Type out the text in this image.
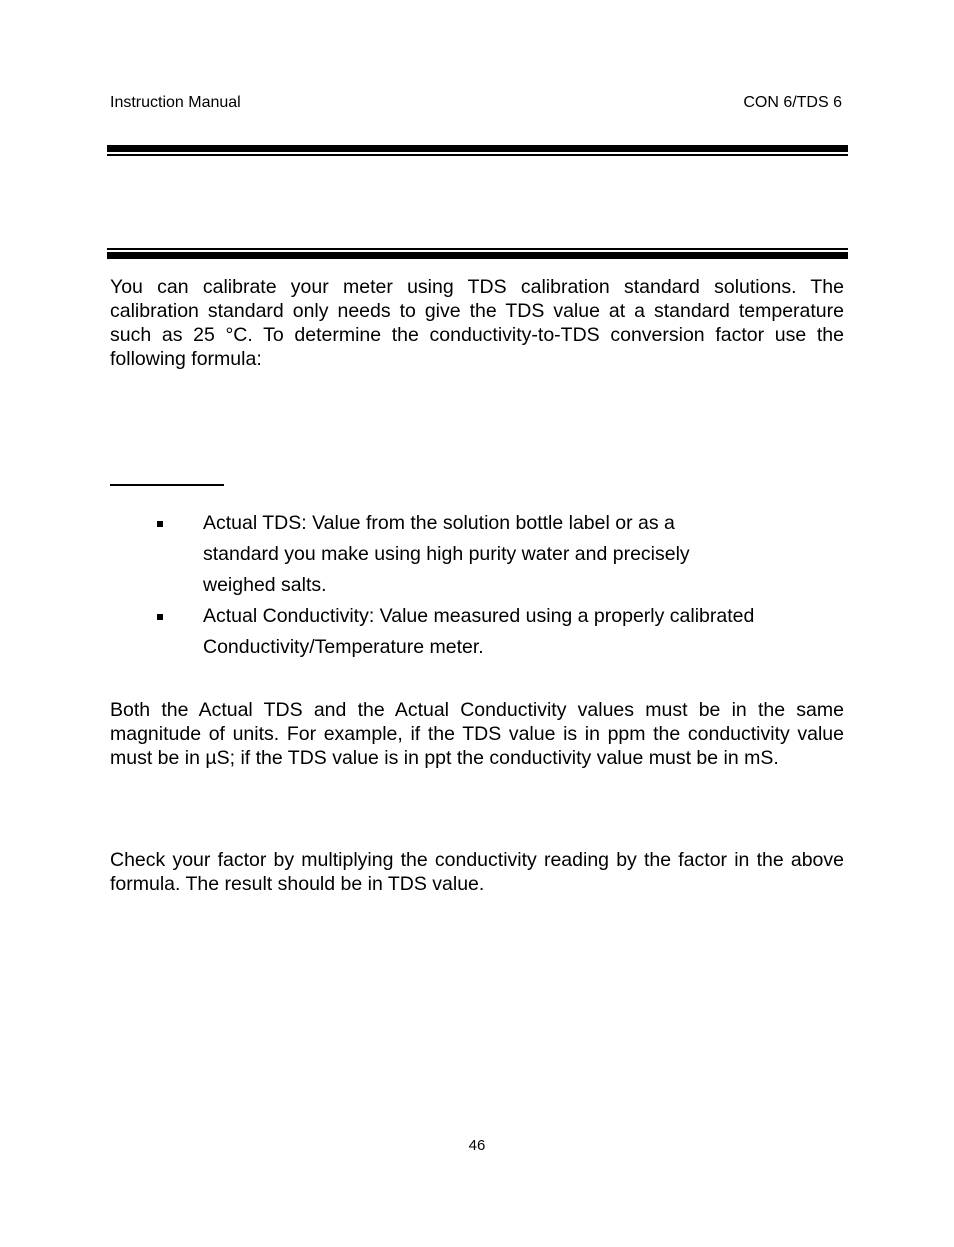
Instruction Manual	CON 6/TDS 6
You can calibrate your meter using TDS calibration standard solutions. The calibration standard only needs to give the TDS value at a standard temperature such as 25 °C. To determine the conductivity-to-TDS conversion factor use the following formula:
Actual TDS: Value from the solution bottle label or as a standard you make using high purity water and precisely weighed salts.
Actual Conductivity: Value measured using a properly calibrated Conductivity/Temperature meter.
Both the Actual TDS and the Actual Conductivity values must be in the same magnitude of units. For example, if the TDS value is in ppm the conductivity value must be in µS; if the TDS value is in ppt the conductivity value must be in mS.
Check your factor by multiplying the conductivity reading by the factor in the above formula. The result should be in TDS value.
46
